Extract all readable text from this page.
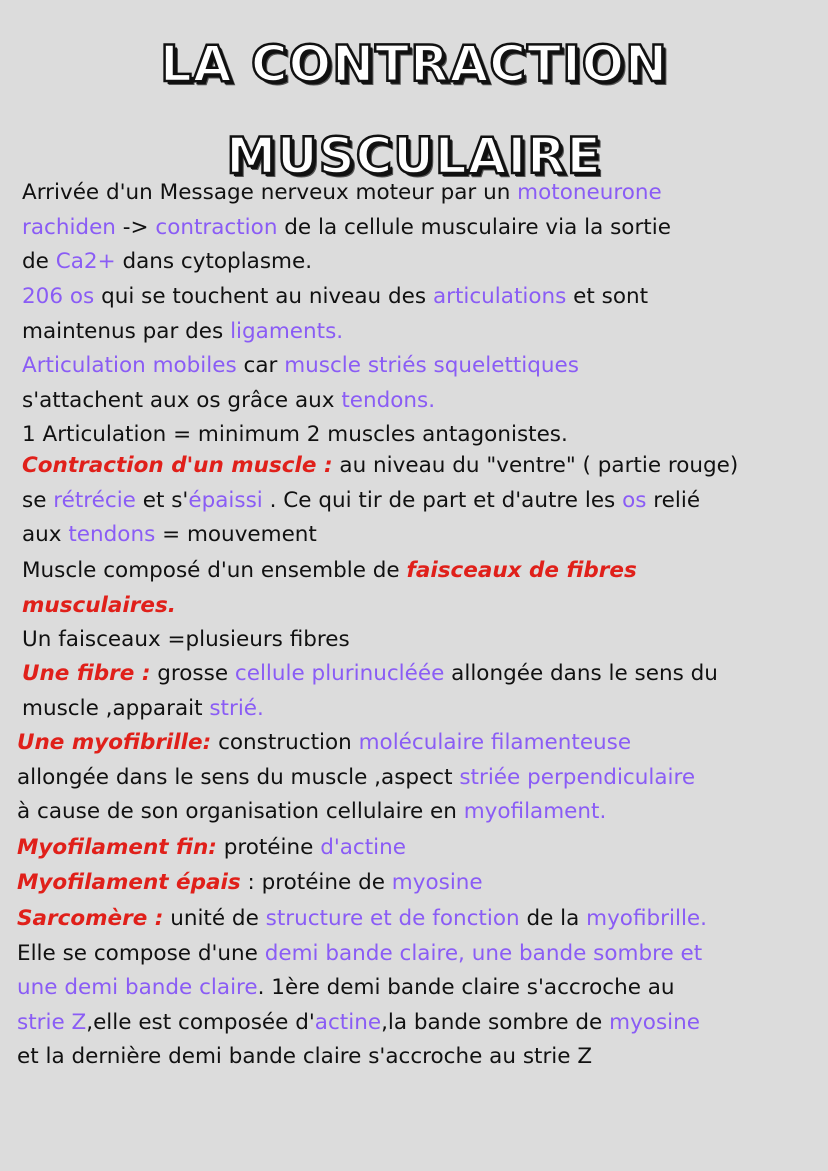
LA CONTRACTION
MUSCULAIRE
Arrivée d'un Message nerveux moteur par un motoneurone
rachiden -> contraction de la cellule musculaire via la sortie
de Ca2+ dans cytoplasme.
206 os qui se touchent au niveau des articulations et sont
maintenus par des ligaments.
Articulation mobiles car muscle striés squelettiques
s'attachent aux os grâce aux tendons.
1 Articulation = minimum 2 muscles antagonistes.
Contraction d'un muscle : au niveau du "ventre" ( partie rouge)
se rétrécie et s'épaissi . Ce qui tir de part et d'autre les os relié
aux tendons = mouvement
Muscle composé d'un ensemble de faisceaux de fibres
musculaires.
Un faisceaux =plusieurs fibres
Une fibre : grosse cellule plurinucléée allongée dans le sens du
muscle ,apparait strié.
Une myofibrille: construction moléculaire filamenteuse
allongée dans le sens du muscle ,aspect striée perpendiculaire
à cause de son organisation cellulaire en myofilament.
Myofilament fin: protéine d'actine
Myofilament épais : protéine de myosine
Sarcomère : unité de structure et de fonction de la myofibrille.
Elle se compose d'une demi bande claire, une bande sombre et
une demi bande claire. 1ère demi bande claire s'accroche au
strie Z,elle est composée d'actine,la bande sombre de myosine
et la dernière demi bande claire s'accroche au strie Z
